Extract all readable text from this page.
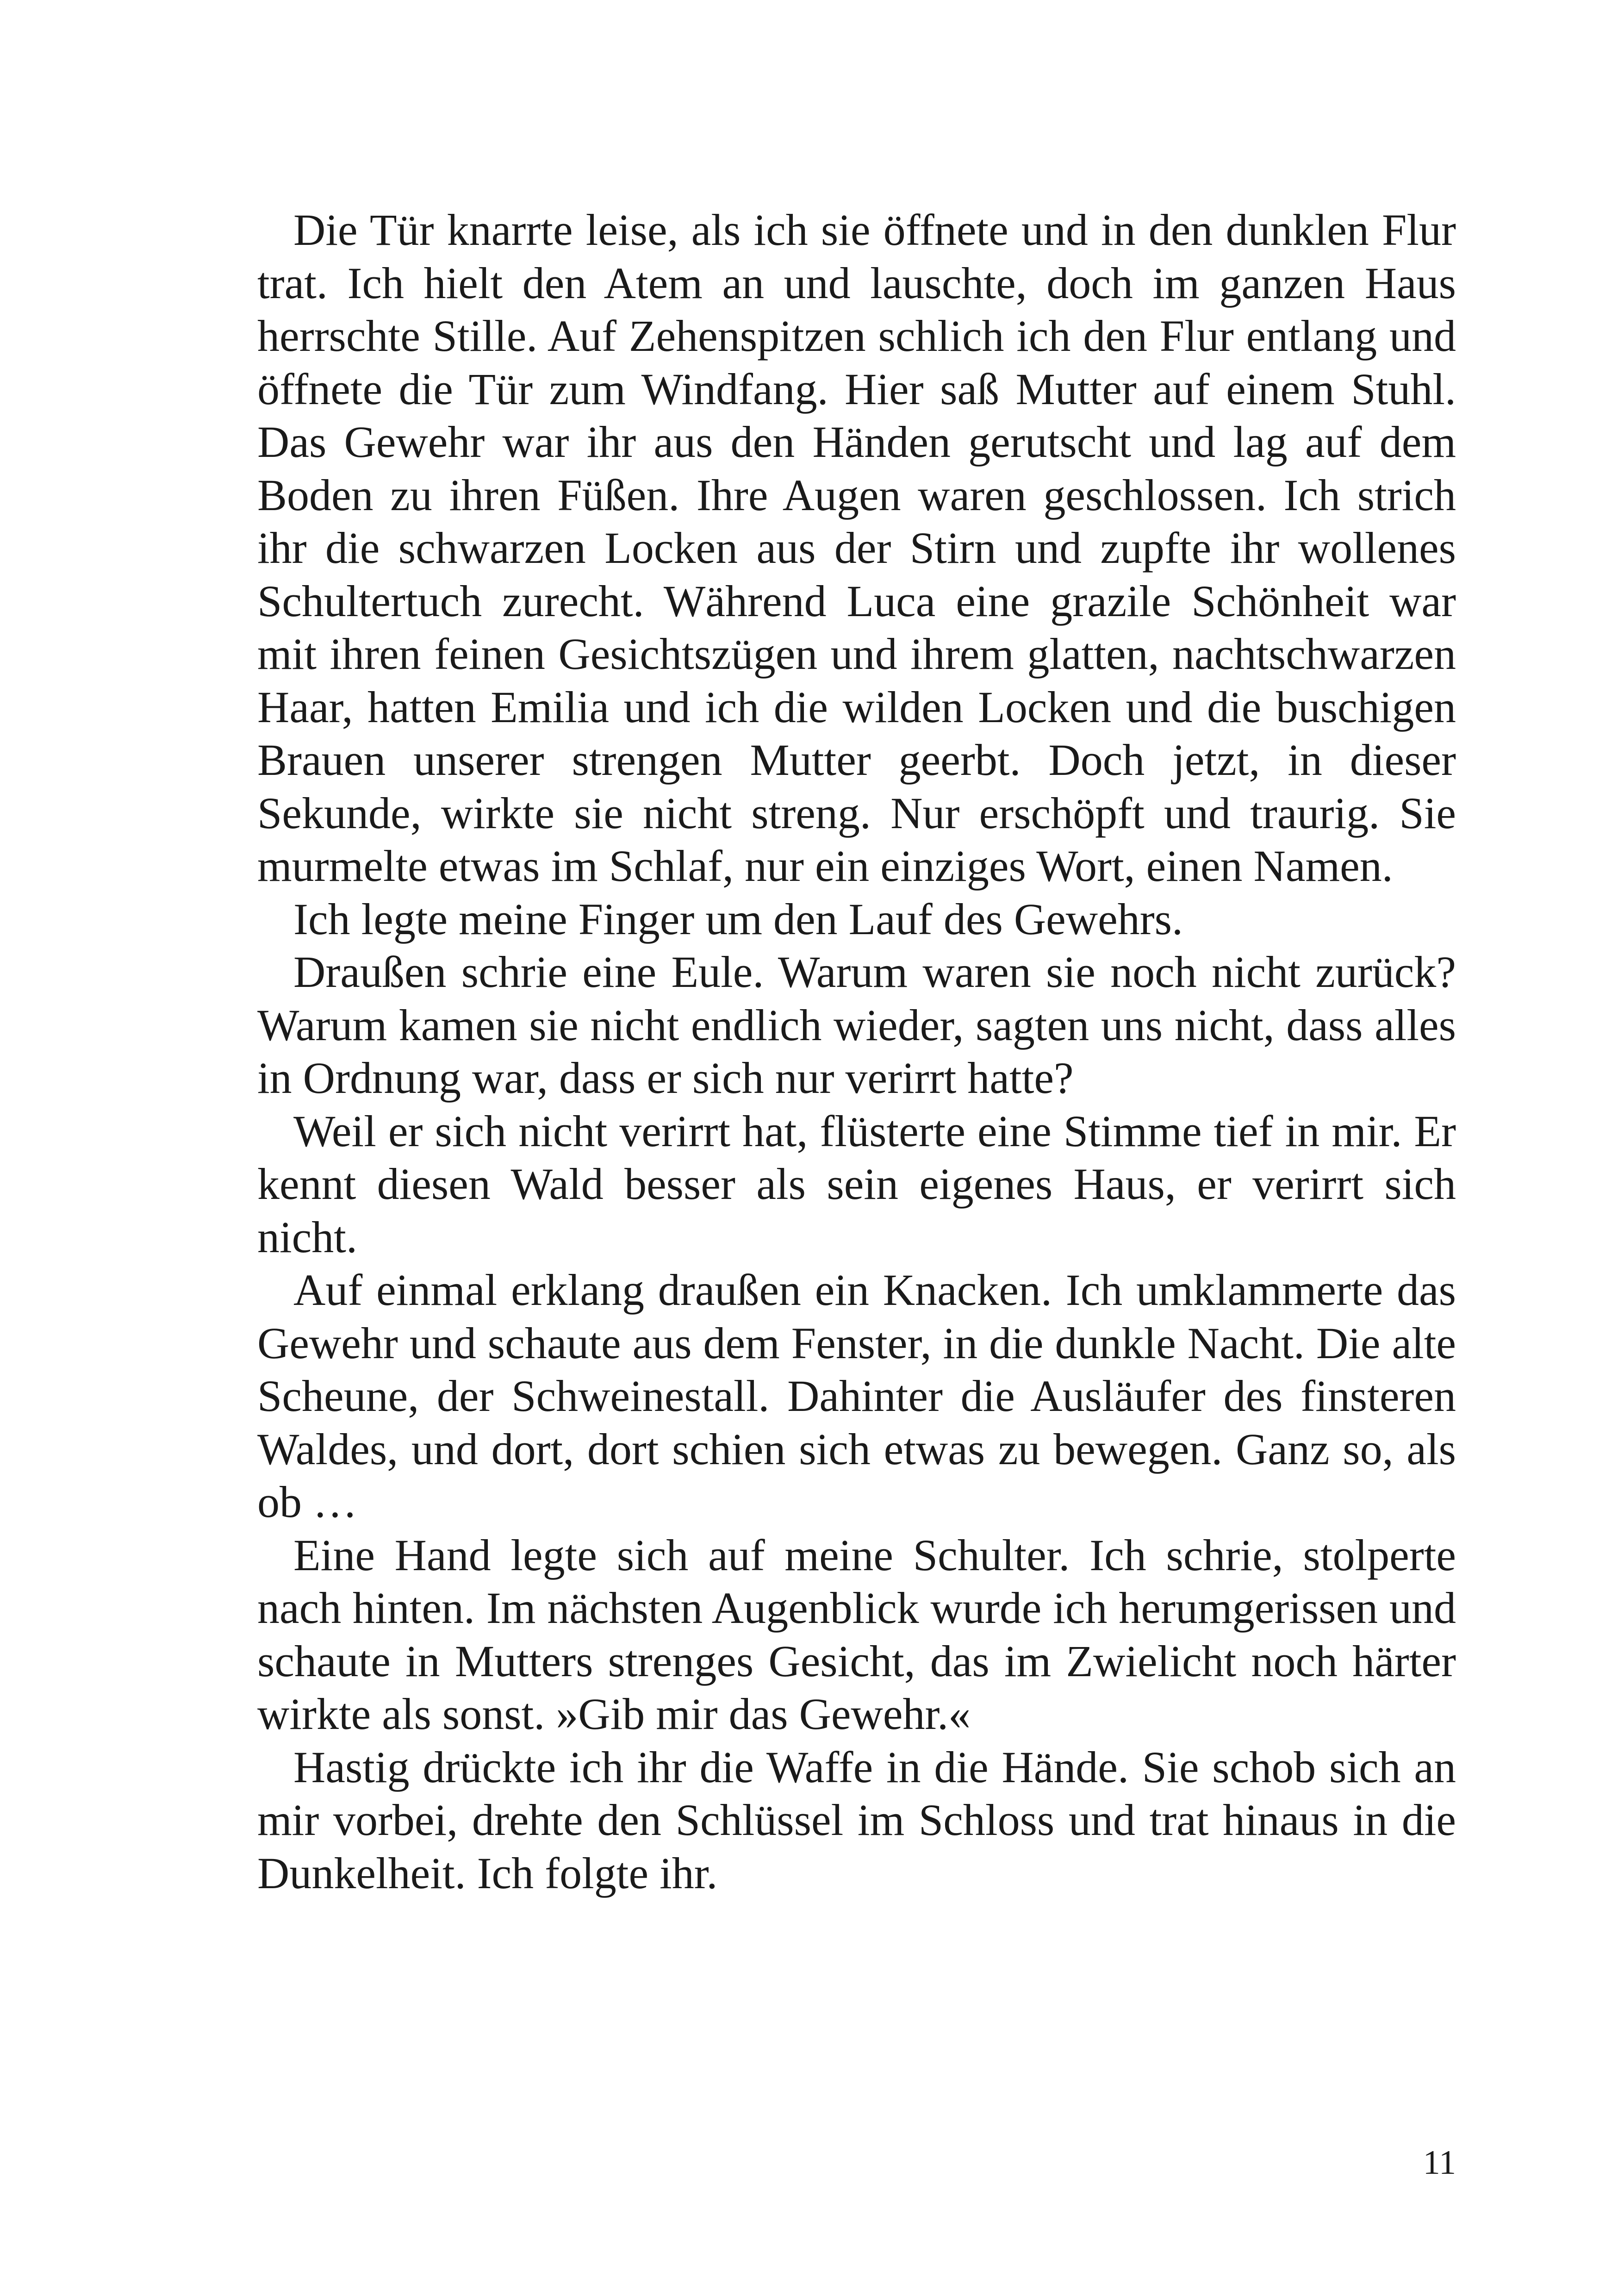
Die Tür knarrte leise, als ich sie öffnete und in den dunklen Flur trat. Ich hielt den Atem an und lauschte, doch im ganzen Haus herrschte Stille. Auf Zehenspitzen schlich ich den Flur entlang und öffnete die Tür zum Windfang. Hier saß Mutter auf einem Stuhl. Das Gewehr war ihr aus den Händen gerutscht und lag auf dem Boden zu ihren Füßen. Ihre Augen waren geschlossen. Ich strich ihr die schwarzen Locken aus der Stirn und zupfte ihr wollenes Schultertuch zurecht. Während Luca eine grazile Schönheit war mit ihren feinen Gesichtszügen und ihrem glatten, nachtschwarzen Haar, hatten Emilia und ich die wilden Locken und die buschigen Brauen unserer strengen Mutter geerbt. Doch jetzt, in dieser Sekunde, wirkte sie nicht streng. Nur erschöpft und traurig. Sie murmelte etwas im Schlaf, nur ein einziges Wort, einen Namen.

Ich legte meine Finger um den Lauf des Gewehrs.

Draußen schrie eine Eule. Warum waren sie noch nicht zurück? Warum kamen sie nicht endlich wieder, sagten uns nicht, dass alles in Ordnung war, dass er sich nur verirrt hatte?

Weil er sich nicht verirrt hat, flüsterte eine Stimme tief in mir. Er kennt diesen Wald besser als sein eigenes Haus, er verirrt sich nicht.

Auf einmal erklang draußen ein Knacken. Ich umklammerte das Gewehr und schaute aus dem Fenster, in die dunkle Nacht. Die alte Scheune, der Schweinestall. Dahinter die Ausläufer des finsteren Waldes, und dort, dort schien sich etwas zu bewegen. Ganz so, als ob …

Eine Hand legte sich auf meine Schulter. Ich schrie, stolperte nach hinten. Im nächsten Augenblick wurde ich herumgerissen und schaute in Mutters strenges Gesicht, das im Zwielicht noch härter wirkte als sonst. »Gib mir das Gewehr.«

Hastig drückte ich ihr die Waffe in die Hände. Sie schob sich an mir vorbei, drehte den Schlüssel im Schloss und trat hinaus in die Dunkelheit. Ich folgte ihr.

11
